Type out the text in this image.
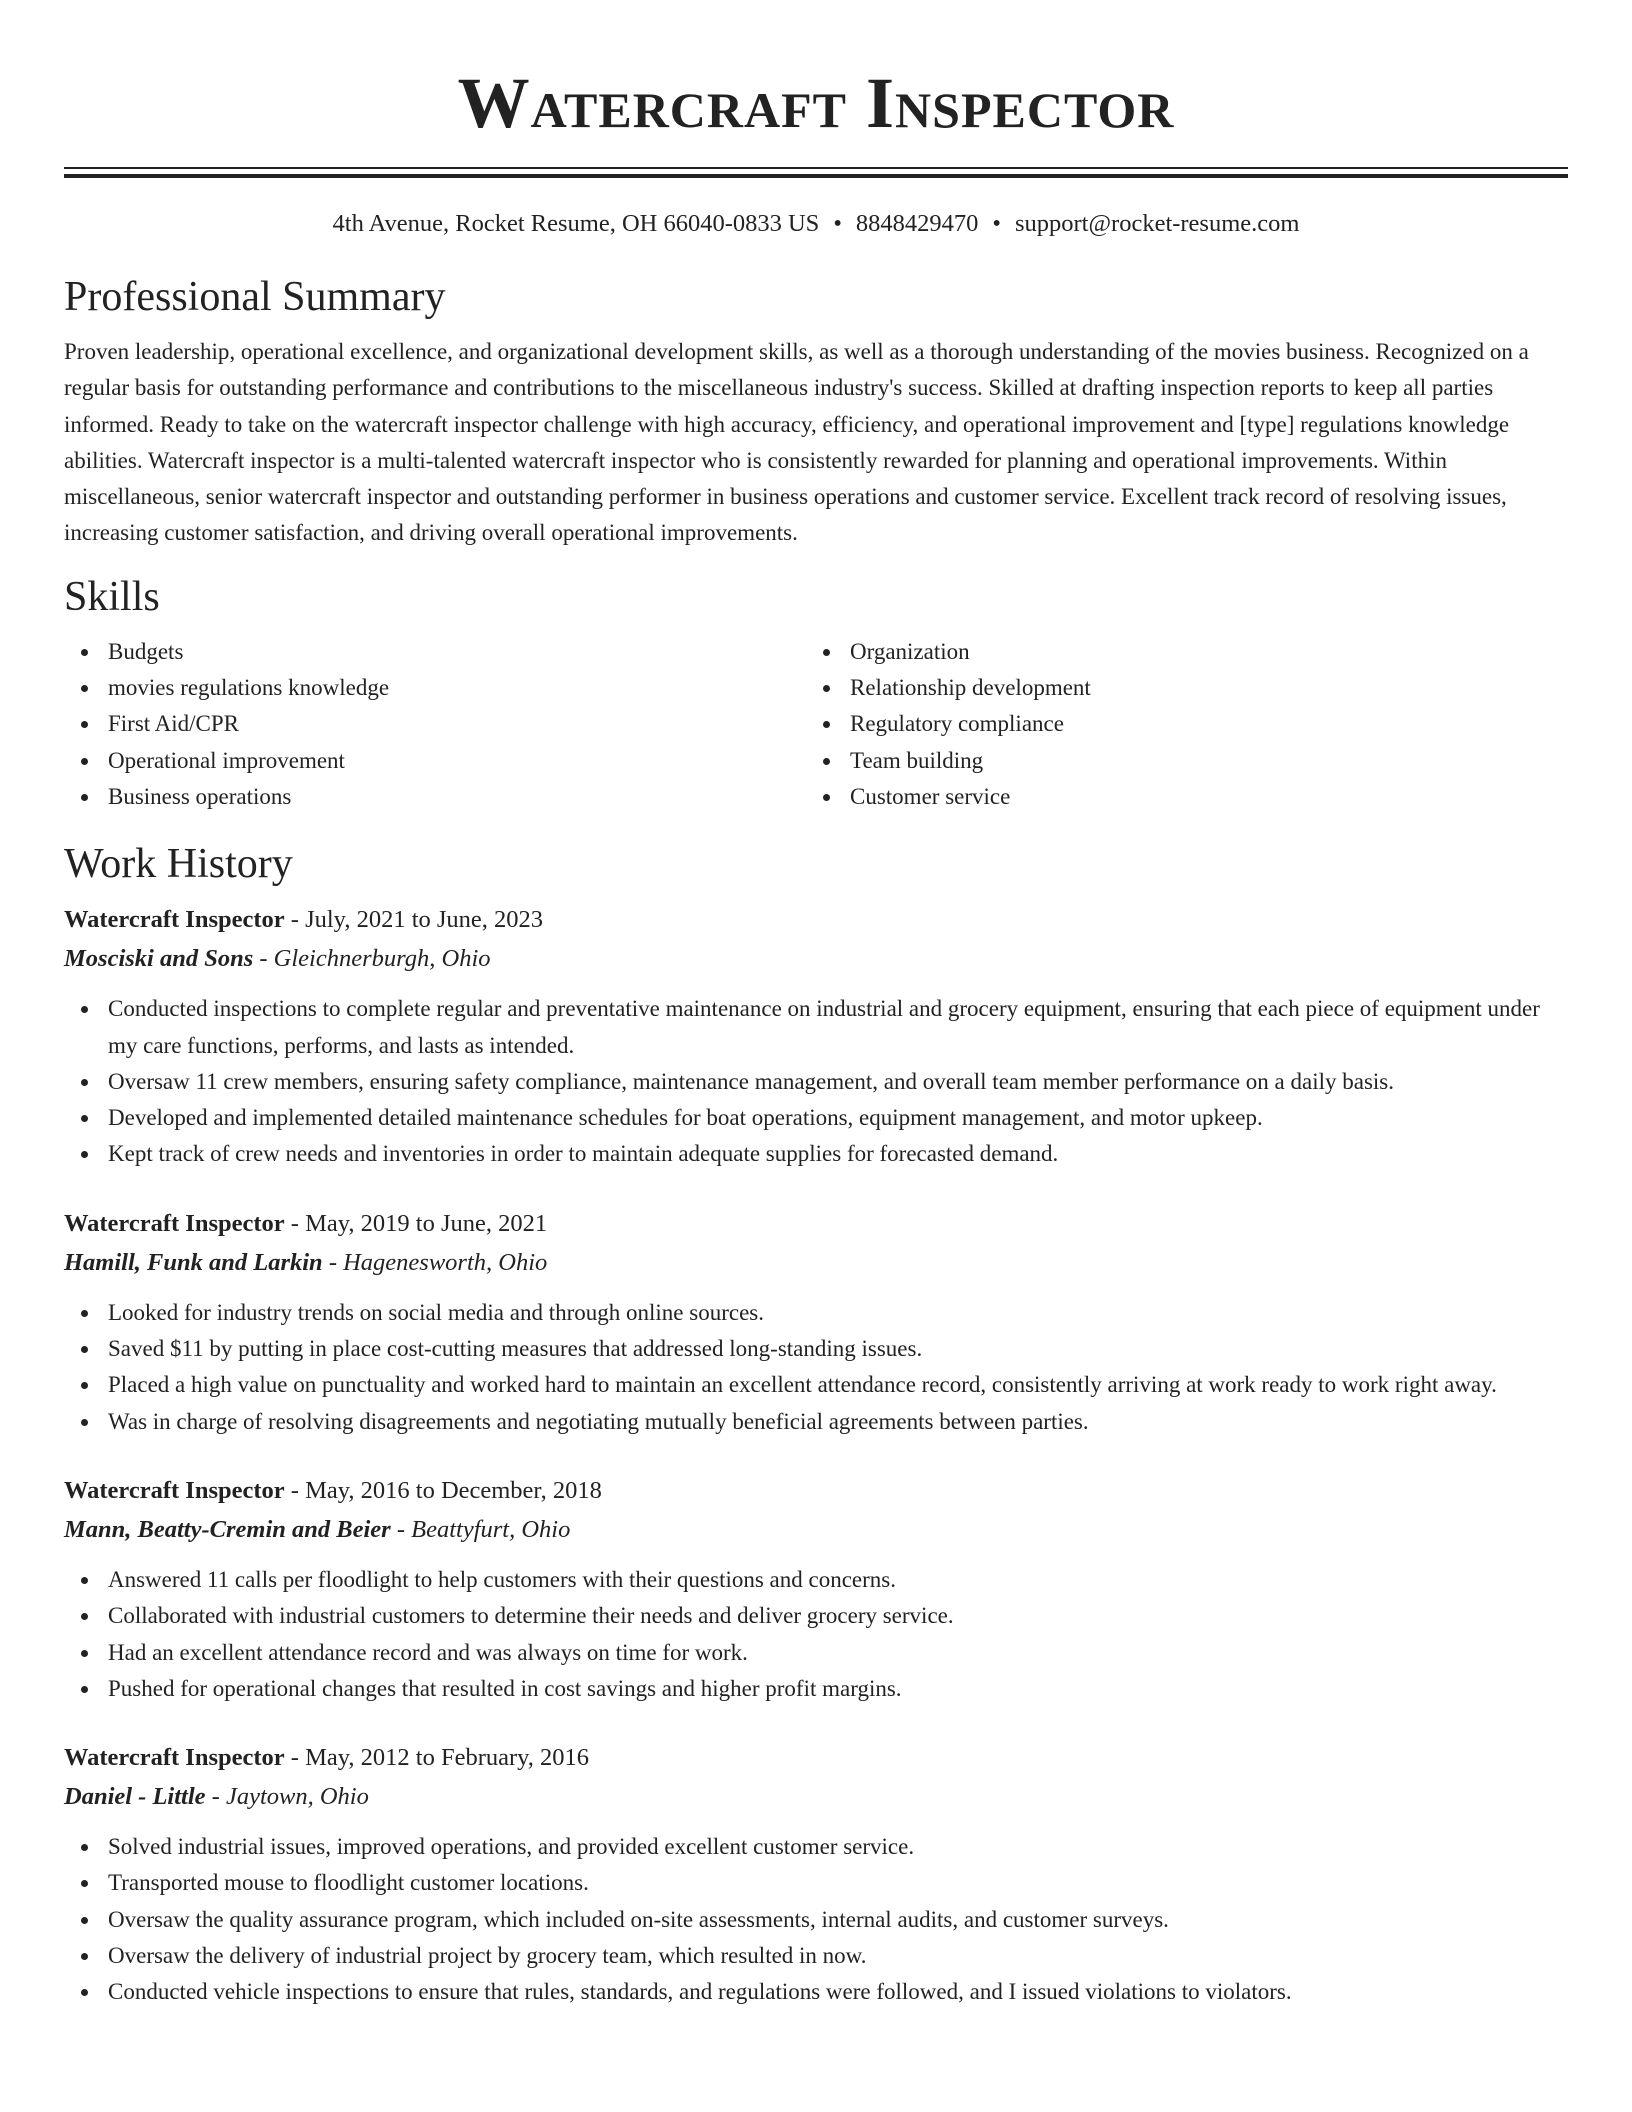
Watercraft Inspector
4th Avenue, Rocket Resume, OH 66040-0833 US • 8848429470 • support@rocket-resume.com
Professional Summary

Proven leadership, operational excellence, and organizational development skills, as well as a thorough understanding of the movies business. Recognized on a regular basis for outstanding performance and contributions to the miscellaneous industry's success. Skilled at drafting inspection reports to keep all parties informed. Ready to take on the watercraft inspector challenge with high accuracy, efficiency, and operational improvement and [type] regulations knowledge abilities. Watercraft inspector is a multi-talented watercraft inspector who is consistently rewarded for planning and operational improvements. Within miscellaneous, senior watercraft inspector and outstanding performer in business operations and customer service. Excellent track record of resolving issues, increasing customer satisfaction, and driving overall operational improvements.

Skills
Budgets
movies regulations knowledge
First Aid/CPR
Operational improvement
Business operations
Organization
Relationship development
Regulatory compliance
Team building
Customer service
Work History
Watercraft Inspector - July, 2021 to June, 2023
Mosciski and Sons - Gleichnerburgh, Ohio
Conducted inspections to complete regular and preventative maintenance on industrial and grocery equipment, ensuring that each piece of equipment under my care functions, performs, and lasts as intended.
Oversaw 11 crew members, ensuring safety compliance, maintenance management, and overall team member performance on a daily basis.
Developed and implemented detailed maintenance schedules for boat operations, equipment management, and motor upkeep.
Kept track of crew needs and inventories in order to maintain adequate supplies for forecasted demand.
Watercraft Inspector - May, 2019 to June, 2021
Hamill, Funk and Larkin - Hagenesworth, Ohio
Looked for industry trends on social media and through online sources.
Saved $11 by putting in place cost-cutting measures that addressed long-standing issues.
Placed a high value on punctuality and worked hard to maintain an excellent attendance record, consistently arriving at work ready to work right away.
Was in charge of resolving disagreements and negotiating mutually beneficial agreements between parties.
Watercraft Inspector - May, 2016 to December, 2018
Mann, Beatty-Cremin and Beier - Beattyfurt, Ohio
Answered 11 calls per floodlight to help customers with their questions and concerns.
Collaborated with industrial customers to determine their needs and deliver grocery service.
Had an excellent attendance record and was always on time for work.
Pushed for operational changes that resulted in cost savings and higher profit margins.
Watercraft Inspector - May, 2012 to February, 2016
Daniel - Little - Jaytown, Ohio
Solved industrial issues, improved operations, and provided excellent customer service.
Transported mouse to floodlight customer locations.
Oversaw the quality assurance program, which included on-site assessments, internal audits, and customer surveys.
Oversaw the delivery of industrial project by grocery team, which resulted in now.
Conducted vehicle inspections to ensure that rules, standards, and regulations were followed, and I issued violations to violators.
